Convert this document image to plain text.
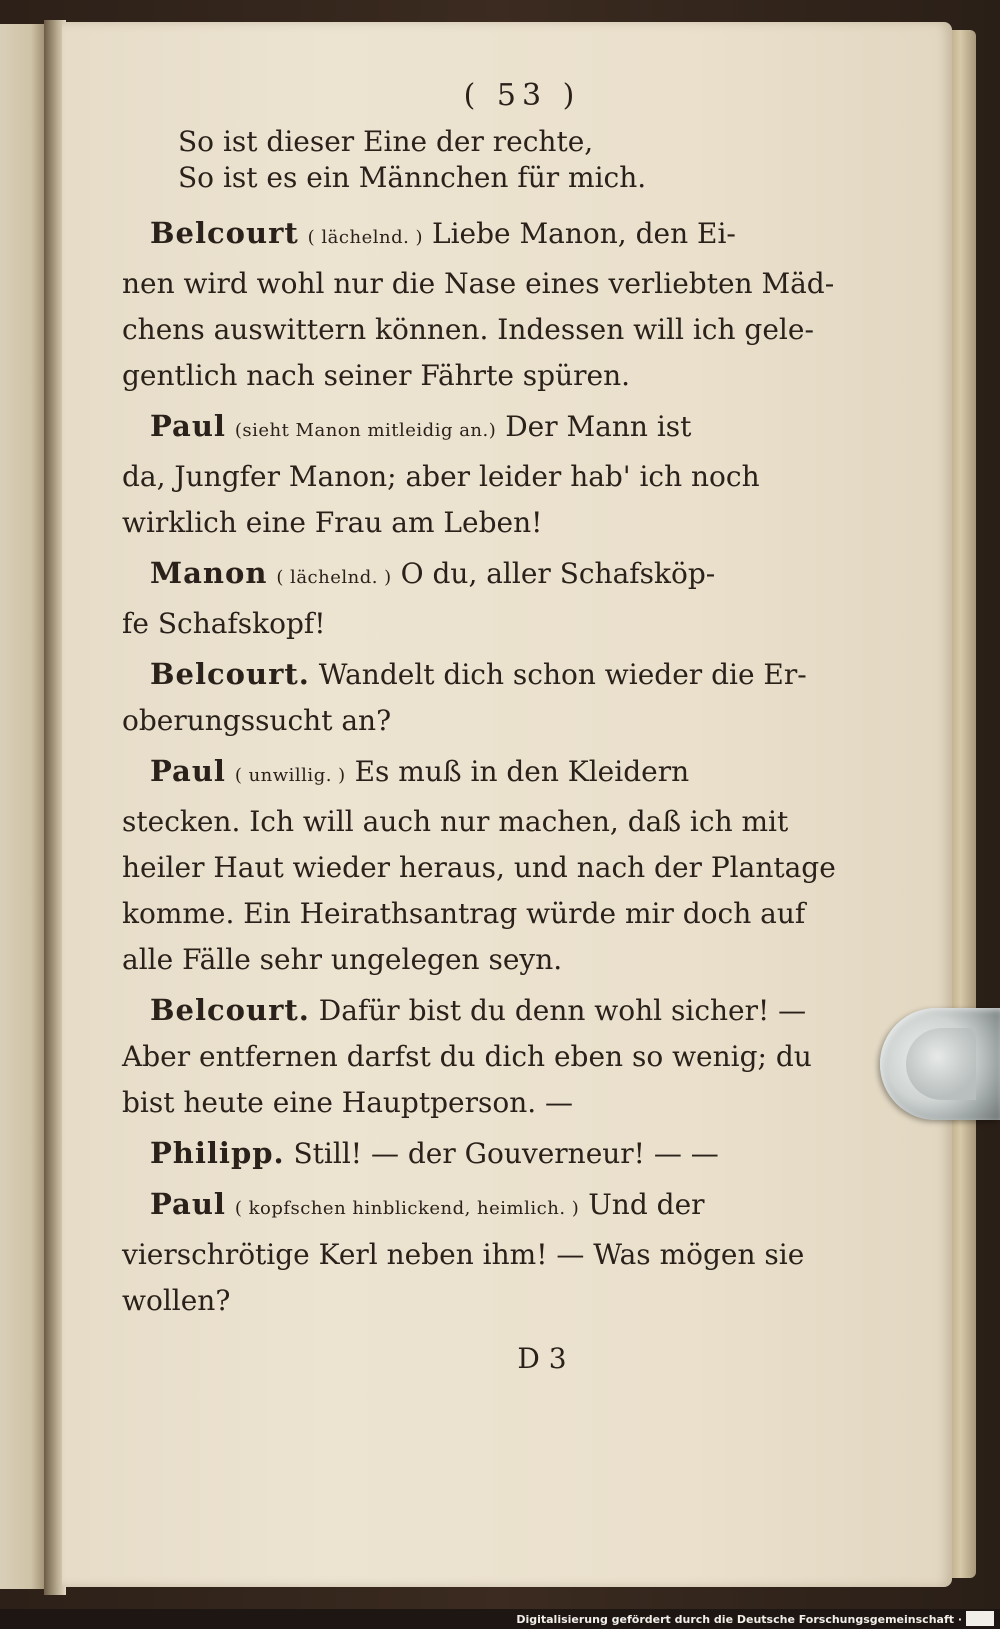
( 53 )
So ist dieser Eine der rechte,
So ist es ein Männchen für mich.
Belcourt ( lächelnd. ) Liebe Manon, den Ei-
nen wird wohl nur die Nase eines verliebten Mäd-
chens auswittern können. Indessen will ich gele-
gentlich nach seiner Fährte spüren.
Paul (sieht Manon mitleidig an.) Der Mann ist
da, Jungfer Manon; aber leider hab' ich noch
wirklich eine Frau am Leben!
Manon ( lächelnd. ) O du, aller Schafsköp-
fe Schafskopf!
Belcourt. Wandelt dich schon wieder die Er-
oberungssucht an?
Paul ( unwillig. ) Es muß in den Kleidern
stecken. Ich will auch nur machen, daß ich mit
heiler Haut wieder heraus, und nach der Plantage
komme. Ein Heirathsantrag würde mir doch auf
alle Fälle sehr ungelegen seyn.
Belcourt. Dafür bist du denn wohl sicher! —
Aber entfernen darfst du dich eben so wenig; du
bist heute eine Hauptperson. —
Philipp. Still! — der Gouverneur! — —
Paul ( kopfschen hinblickend, heimlich. ) Und der
vierschrötige Kerl neben ihm! — Was mögen sie
wollen?
D 3
Digitalisierung gefördert durch die Deutsche Forschungsgemeinschaft ·
